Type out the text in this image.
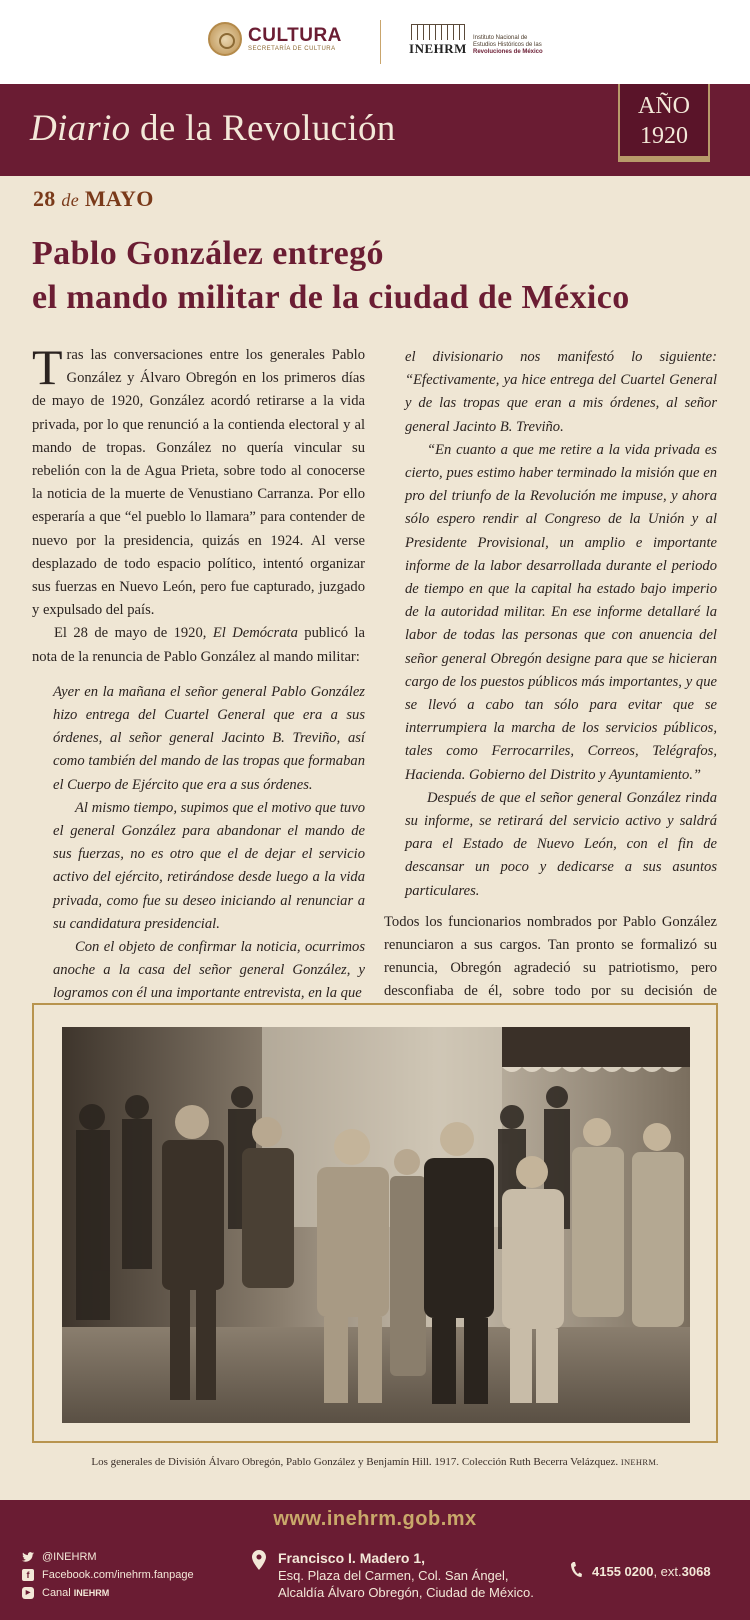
CULTURA
SECRETARÍA DE CULTURA	INEHRM
Instituto Nacional de
Estudios Históricos de las
Revoluciones de México
Diario de la Revolución
AÑO
1920
28 de MAYO
Pablo González entregó
el mando militar de la ciudad de México

Tras las conversaciones entre los generales Pablo González y Álvaro Obregón en los primeros días de mayo de 1920, González acordó retirarse a la vida privada, por lo que renunció a la contienda electoral y al mando de tropas. González no quería vincular su rebelión con la de Agua Prieta, sobre todo al conocerse la noticia de la muerte de Venustiano Carranza. Por ello esperaría a que “el pueblo lo llamara” para contender de nuevo por la presidencia, quizás en 1924. Al verse desplazado de todo espacio político, intentó organizar sus fuerzas en Nuevo León, pero fue capturado, juzgado y expulsado del país.

El 28 de mayo de 1920, El Demócrata publicó la nota de la renuncia de Pablo González al mando militar:

Ayer en la mañana el señor general Pablo González hizo entrega del Cuartel General que era a sus órdenes, al señor general Jacinto B. Treviño, así como también del mando de las tropas que formaban el Cuerpo de Ejército que era a sus órdenes.

Al mismo tiempo, supimos que el motivo que tuvo el general González para abandonar el mando de sus fuerzas, no es otro que el de dejar el servicio activo del ejército, retirándose desde luego a la vida privada, como fue su deseo iniciando al renunciar a su candidatura presidencial.

Con el objeto de confirmar la noticia, ocurrimos anoche a la casa del señor general González, y logramos con él una importante entrevista, en la que

el divisionario nos manifestó lo siguiente: “Efectivamente, ya hice entrega del Cuartel General y de las tropas que eran a mis órdenes, al señor general Jacinto B. Treviño.

“En cuanto a que me retire a la vida privada es cierto, pues estimo haber terminado la misión que en pro del triunfo de la Revolución me impuse, y ahora sólo espero rendir al Congreso de la Unión y al Presidente Provisional, un amplio e importante informe de la labor desarrollada durante el periodo de tiempo en que la capital ha estado bajo imperio de la autoridad militar. En ese informe detallaré la labor de todas las personas que con anuencia del señor general Obregón designe para que se hicieran cargo de los puestos públicos más importantes, y que se llevó a cabo tan sólo para evitar que se interrumpiera la marcha de los servicios públicos, tales como Ferrocarriles, Correos, Telégrafos, Hacienda. Gobierno del Distrito y Ayuntamiento.”

Después de que el señor general González rinda su informe, se retirará del servicio activo y saldrá para el Estado de Nuevo León, con el fin de descansar un poco y dedicarse a sus asuntos particulares.

Todos los funcionarios nombrados por Pablo González renunciaron a sus cargos. Tan pronto se formalizó su renuncia, Obregón agradeció su patriotismo, pero desconfiaba de él, sobre todo por su decisión de

Los generales de División Álvaro Obregón, Pablo González y Benjamín Hill. 1917. Colección Ruth Becerra Velázquez. INEHRM.
www.inehrm.gob.mx
@INEHRM
f	Facebook.com/inehrm.fanpage
▶	Canal INEHRM
Francisco I. Madero 1,
Esq. Plaza del Carmen, Col. San Ángel,
Alcaldía Álvaro Obregón, Ciudad de México.
4155 0200 , ext. 3068
